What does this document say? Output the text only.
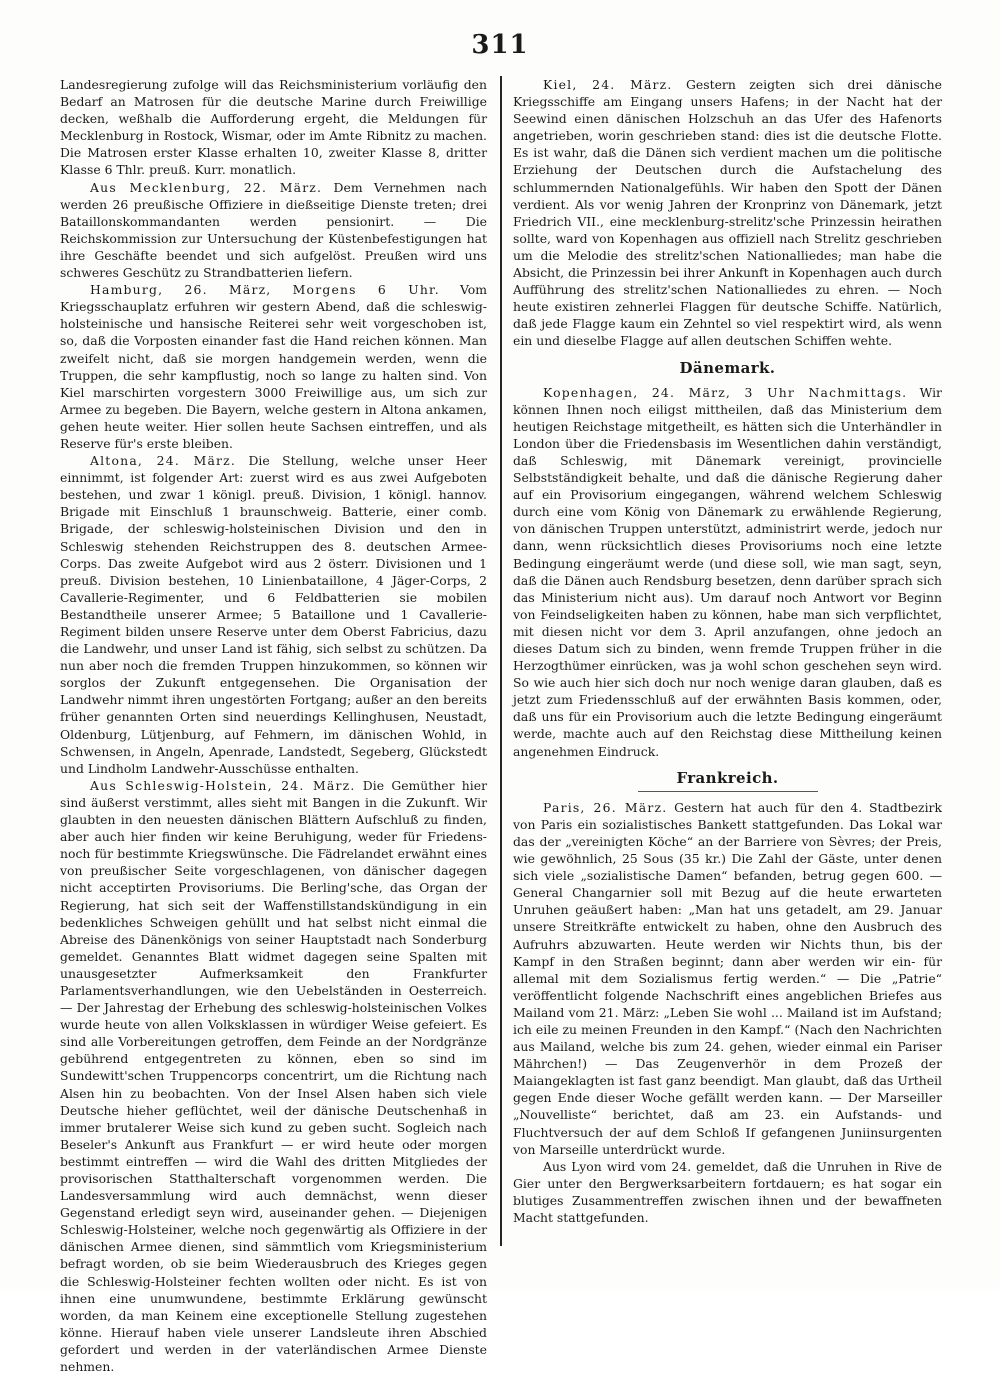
311

Landesregierung zufolge will das Reichsministerium vorläufig den Bedarf an Matrosen für die deutsche Marine durch Freiwillige decken, weßhalb die Aufforderung ergeht, die Meldungen für Mecklenburg in Rostock, Wismar, oder im Amte Ribnitz zu machen. Die Matrosen erster Klasse erhalten 10, zweiter Klasse 8, dritter Klasse 6 Thlr. preuß. Kurr. monatlich.

Aus Mecklenburg, 22. März. Dem Vernehmen nach werden 26 preußische Offiziere in dießseitige Dienste treten; drei Bataillonskommandanten werden pensionirt. — Die Reichskommission zur Untersuchung der Küstenbefestigungen hat ihre Geschäfte beendet und sich aufgelöst. Preußen wird uns schweres Geschütz zu Strandbatterien liefern.

Hamburg, 26. März, Morgens 6 Uhr. Vom Kriegsschauplatz erfuhren wir gestern Abend, daß die schleswig-holsteinische und hansische Reiterei sehr weit vorgeschoben ist, so, daß die Vorposten einander fast die Hand reichen können. Man zweifelt nicht, daß sie morgen handgemein werden, wenn die Truppen, die sehr kampflustig, noch so lange zu halten sind. Von Kiel marschirten vorgestern 3000 Freiwillige aus, um sich zur Armee zu begeben. Die Bayern, welche gestern in Altona ankamen, gehen heute weiter. Hier sollen heute Sachsen eintreffen, und als Reserve für's erste bleiben.

Altona, 24. März. Die Stellung, welche unser Heer einnimmt, ist folgender Art: zuerst wird es aus zwei Aufgeboten bestehen, und zwar 1 königl. preuß. Division, 1 königl. hannov. Brigade mit Einschluß 1 braunschweig. Batterie, einer comb. Brigade, der schleswig-holsteinischen Division und den in Schleswig stehenden Reichstruppen des 8. deutschen Armee-Corps. Das zweite Aufgebot wird aus 2 österr. Divisionen und 1 preuß. Division bestehen, 10 Linienbataillone, 4 Jäger-Corps, 2 Cavallerie-Regimenter, und 6 Feldbatterien sie mobilen Bestandtheile unserer Armee; 5 Bataillone und 1 Cavallerie-Regiment bilden unsere Reserve unter dem Oberst Fabricius, dazu die Landwehr, und unser Land ist fähig, sich selbst zu schützen. Da nun aber noch die fremden Truppen hinzukommen, so können wir sorglos der Zukunft entgegensehen. Die Organisation der Landwehr nimmt ihren ungestörten Fortgang; außer an den bereits früher genannten Orten sind neuerdings Kellinghusen, Neustadt, Oldenburg, Lütjenburg, auf Fehmern, im dänischen Wohld, in Schwensen, in Angeln, Apenrade, Landstedt, Segeberg, Glückstedt und Lindholm Landwehr-Ausschüsse enthalten.

Aus Schleswig-Holstein, 24. März. Die Gemüther hier sind äußerst verstimmt, alles sieht mit Bangen in die Zukunft. Wir glaubten in den neuesten dänischen Blättern Aufschluß zu finden, aber auch hier finden wir keine Beruhigung, weder für Friedens- noch für bestimmte Kriegswünsche. Die Fädrelandet erwähnt eines von preußischer Seite vorgeschlagenen, von dänischer dagegen nicht acceptirten Provisoriums. Die Berling'sche, das Organ der Regierung, hat sich seit der Waffenstillstandskündigung in ein bedenkliches Schweigen gehüllt und hat selbst nicht einmal die Abreise des Dänenkönigs von seiner Hauptstadt nach Sonderburg gemeldet. Genanntes Blatt widmet dagegen seine Spalten mit unausgesetzter Aufmerksamkeit den Frankfurter Parlamentsverhandlungen, wie den Uebelständen in Oesterreich. — Der Jahrestag der Erhebung des schleswig-holsteinischen Volkes wurde heute von allen Volksklassen in würdiger Weise gefeiert. Es sind alle Vorbereitungen getroffen, dem Feinde an der Nordgränze gebührend entgegentreten zu können, eben so sind im Sundewitt'schen Truppencorps concentrirt, um die Richtung nach Alsen hin zu beobachten. Von der Insel Alsen haben sich viele Deutsche hieher geflüchtet, weil der dänische Deutschenhaß in immer brutalerer Weise sich kund zu geben sucht. Sogleich nach Beseler's Ankunft aus Frankfurt — er wird heute oder morgen bestimmt eintreffen — wird die Wahl des dritten Mitgliedes der provisorischen Statthalterschaft vorgenommen werden. Die Landesversammlung wird auch demnächst, wenn dieser Gegenstand erledigt seyn wird, auseinander gehen. — Diejenigen Schleswig-Holsteiner, welche noch gegenwärtig als Offiziere in der dänischen Armee dienen, sind sämmtlich vom Kriegsministerium befragt worden, ob sie beim Wiederausbruch des Krieges gegen die Schleswig-Holsteiner fechten wollten oder nicht. Es ist von ihnen eine unumwundene, bestimmte Erklärung gewünscht worden, da man Keinem eine exceptionelle Stellung zugestehen könne. Hierauf haben viele unserer Landsleute ihren Abschied gefordert und werden in der vaterländischen Armee Dienste nehmen.

Kiel, 24. März. Gestern zeigten sich drei dänische Kriegsschiffe am Eingang unsers Hafens; in der Nacht hat der Seewind einen dänischen Holzschuh an das Ufer des Hafenorts angetrieben, worin geschrieben stand: dies ist die deutsche Flotte. Es ist wahr, daß die Dänen sich verdient machen um die politische Erziehung der Deutschen durch die Aufstachelung des schlummernden Nationalgefühls. Wir haben den Spott der Dänen verdient. Als vor wenig Jahren der Kronprinz von Dänemark, jetzt Friedrich VII., eine mecklenburg-strelitz'sche Prinzessin heirathen sollte, ward von Kopenhagen aus offiziell nach Strelitz geschrieben um die Melodie des strelitz'schen Nationalliedes; man habe die Absicht, die Prinzessin bei ihrer Ankunft in Kopenhagen auch durch Aufführung des strelitz'schen Nationalliedes zu ehren. — Noch heute existiren zehnerlei Flaggen für deutsche Schiffe. Natürlich, daß jede Flagge kaum ein Zehntel so viel respektirt wird, als wenn ein und dieselbe Flagge auf allen deutschen Schiffen wehte.

Dänemark.

Kopenhagen, 24. März, 3 Uhr Nachmittags. Wir können Ihnen noch eiligst mittheilen, daß das Ministerium dem heutigen Reichstage mitgetheilt, es hätten sich die Unterhändler in London über die Friedensbasis im Wesentlichen dahin verständigt, daß Schleswig, mit Dänemark vereinigt, provincielle Selbstständigkeit behalte, und daß die dänische Regierung daher auf ein Provisorium eingegangen, während welchem Schleswig durch eine vom König von Dänemark zu erwählende Regierung, von dänischen Truppen unterstützt, administrirt werde, jedoch nur dann, wenn rücksichtlich dieses Provisoriums noch eine letzte Bedingung eingeräumt werde (und diese soll, wie man sagt, seyn, daß die Dänen auch Rendsburg besetzen, denn darüber sprach sich das Ministerium nicht aus). Um darauf noch Antwort vor Beginn von Feindseligkeiten haben zu können, habe man sich verpflichtet, mit diesen nicht vor dem 3. April anzufangen, ohne jedoch an dieses Datum sich zu binden, wenn fremde Truppen früher in die Herzogthümer einrücken, was ja wohl schon geschehen seyn wird. So wie auch hier sich doch nur noch wenige daran glauben, daß es jetzt zum Friedensschluß auf der erwähnten Basis kommen, oder, daß uns für ein Provisorium auch die letzte Bedingung eingeräumt werde, machte auch auf den Reichstag diese Mittheilung keinen angenehmen Eindruck.

Frankreich.

Paris, 26. März. Gestern hat auch für den 4. Stadtbezirk von Paris ein sozialistisches Bankett stattgefunden. Das Lokal war das der „vereinigten Köche“ an der Barriere von Sèvres; der Preis, wie gewöhnlich, 25 Sous (35 kr.) Die Zahl der Gäste, unter denen sich viele „sozialistische Damen“ befanden, betrug gegen 600. — General Changarnier soll mit Bezug auf die heute erwarteten Unruhen geäußert haben: „Man hat uns getadelt, am 29. Januar unsere Streitkräfte entwickelt zu haben, ohne den Ausbruch des Aufruhrs abzuwarten. Heute werden wir Nichts thun, bis der Kampf in den Straßen beginnt; dann aber werden wir ein- für allemal mit dem Sozialismus fertig werden.“ — Die „Patrie“ veröffentlicht folgende Nachschrift eines angeblichen Briefes aus Mailand vom 21. März: „Leben Sie wohl ... Mailand ist im Aufstand; ich eile zu meinen Freunden in den Kampf.“ (Nach den Nachrichten aus Mailand, welche bis zum 24. gehen, wieder einmal ein Pariser Mährchen!) — Das Zeugenverhör in dem Prozeß der Maiangeklagten ist fast ganz beendigt. Man glaubt, daß das Urtheil gegen Ende dieser Woche gefällt werden kann. — Der Marseiller „Nouvelliste“ berichtet, daß am 23. ein Aufstands- und Fluchtversuch der auf dem Schloß If gefangenen Juniinsurgenten von Marseille unterdrückt wurde.

Aus Lyon wird vom 24. gemeldet, daß die Unruhen in Rive de Gier unter den Bergwerksarbeitern fortdauern; es hat sogar ein blutiges Zusammentreffen zwischen ihnen und der bewaffneten Macht stattgefunden.
